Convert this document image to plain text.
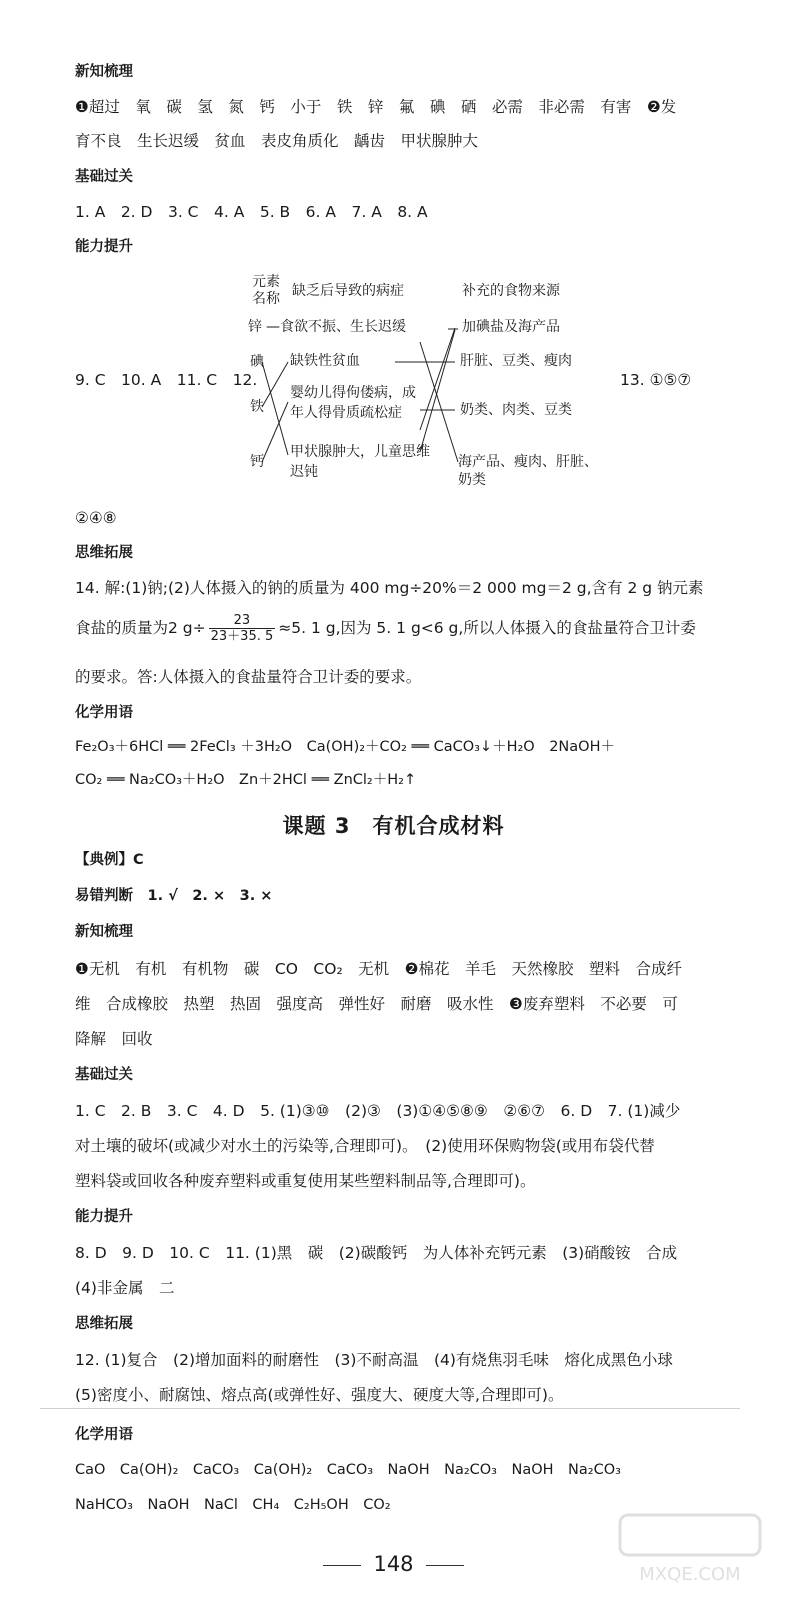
新知梳理
❶超过　氧　碳　氢　氮　钙　小于　铁　锌　氟　碘　硒　必需　非必需　有害　❷发
育不良　生长迟缓　贫血　表皮角质化　龋齿　甲状腺肿大
基础过关
1. A　2. D　3. C　4. A　5. B　6. A　7. A　8. A
能力提升
9. C　10. A　11. C　12.
元素
名称 缺乏后导致的病症	补充的食物来源
锌
碘
铁
钙
—食欲不振、生长迟缓
缺铁性贫血
婴幼儿得佝偻病，成
年人得骨质疏松症
甲状腺肿大，儿童思维
迟钝
加碘盐及海产品
肝脏、豆类、瘦肉
奶类、肉类、豆类
海产品、瘦肉、肝脏、
奶类
13. ①⑤⑦
②④⑧
思维拓展
14. 解:(1)钠;(2)人体摄入的钠的质量为 400 mg÷20%＝2 000 mg＝2 g,含有 2 g 钠元素
食盐的质量为2 $g\div \frac{23}{23+35. 5} \approx 5$. 1 g,因为 5. 1 g<6 g,所以人体摄入的食盐量符合卫计委
的要求。答:人体摄入的食盐量符合卫计委的要求。
化学用语
Fe₂O₃＋6HCl ══ 2FeCl₃ ＋3H₂O　Ca(OH)₂＋CO₂ ══ CaCO₃↓＋H₂O　2NaOH＋
CO₂ ══ Na₂CO₃＋H₂O　Zn＋2HCl ══ ZnCl₂＋H₂↑
课题 3　有机合成材料
【典例】C
易错判断　1. √　2. ×　3. ×
新知梳理
❶无机　有机　有机物　碳　CO　CO₂　无机　❷棉花　羊毛　天然橡胶　塑料　合成纤
维　合成橡胶　热塑　热固　强度高　弹性好　耐磨　吸水性　❸废弃塑料　不必要　可
降解　回收
基础过关
1. C　2. B　3. C　4. D　5. (1)③⑩　(2)③　(3)①④⑤⑧⑨　②⑥⑦　6. D　7. (1)减少
对土壤的破坏(或减少对水土的污染等,合理即可)。　(2)使用环保购物袋(或用布袋代替
塑料袋或回收各种废弃塑料或重复使用某些塑料制品等,合理即可)。
能力提升
8. D　9. D　10. C　11. (1)黑　碳　(2)碳酸钙　为人体补充钙元素　(3)硝酸铵　合成
(4)非金属　二
思维拓展
12. (1)复合　(2)增加面料的耐磨性　(3)不耐高温　(4)有烧焦羽毛味　熔化成黑色小球
(5)密度小、耐腐蚀、熔点高(或弹性好、强度大、硬度大等,合理即可)。
化学用语
CaO　Ca(OH)₂　CaCO₃　Ca(OH)₂　CaCO₃　NaOH　Na₂CO₃　NaOH　Na₂CO₃
NaHCO₃　NaOH　NaCl　CH₄　C₂H₅OH　CO₂
148	MXQE.COM
